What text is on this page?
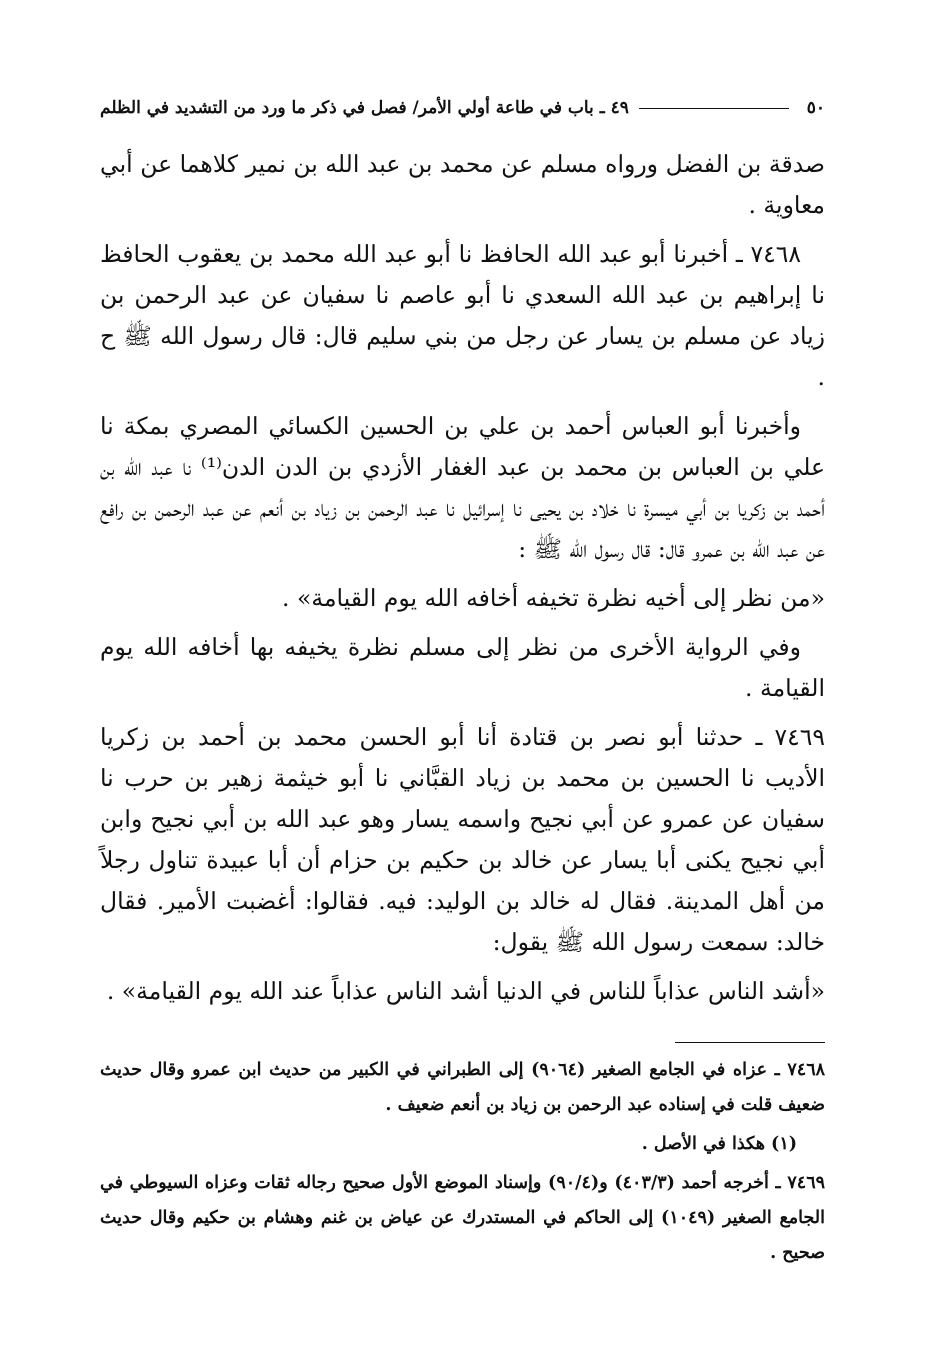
٥٠
٤٩ ـ باب في طاعة أولي الأمر/ فصل في ذكر ما ورد من التشديد في الظلم

صدقة بن الفضل ورواه مسلم عن محمد بن عبد الله بن نمير كلاهما عن أبي معاوية .

٧٤٦٨ ـ أخبرنا أبو عبد الله الحافظ نا أبو عبد الله محمد بن يعقوب الحافظ نا إبراهيم بن عبد الله السعدي نا أبو عاصم نا سفيان عن عبد الرحمن بن زياد عن مسلم بن يسار عن رجل من بني سليم قال: قال رسول الله ﷺ ح .

وأخبرنا أبو العباس أحمد بن علي بن الحسين الكسائي المصري بمكة نا علي بن العباس بن محمد بن عبد الغفار الأزدي بن الدن الدن⁽¹⁾ نا عبد الله بن أحمد بن زكريا بن أبي ميسرة نا خلاد بن يحيى نا إسرائيل نا عبد الرحمن بن زياد بن أنعم عن عبد الرحمن بن رافع عن عبد الله بن عمرو قال: قال رسول الله ﷺ :

«من نظر إلى أخيه نظرة تخيفه أخافه الله يوم القيامة» .

وفي الرواية الأخرى من نظر إلى مسلم نظرة يخيفه بها أخافه الله يوم القيامة .

٧٤٦٩ ـ حدثنا أبو نصر بن قتادة أنا أبو الحسن محمد بن أحمد بن زكريا الأديب نا الحسين بن محمد بن زياد القبَّاني نا أبو خيثمة زهير بن حرب نا سفيان عن عمرو عن أبي نجيح واسمه يسار وهو عبد الله بن أبي نجيح وابن أبي نجيح يكنى أبا يسار عن خالد بن حكيم بن حزام أن أبا عبيدة تناول رجلاً من أهل المدينة. فقال له خالد بن الوليد: فيه. فقالوا: أغضبت الأمير. فقال خالد: سمعت رسول الله ﷺ يقول:

«أشد الناس عذاباً للناس في الدنيا أشد الناس عذاباً عند الله يوم القيامة» .

٧٤٦٨ ـ عزاه في الجامع الصغير (٩٠٦٤) إلى الطبراني في الكبير من حديث ابن عمرو وقال حديث ضعيف قلت في إسناده عبد الرحمن بن زياد بن أنعم ضعيف .

(١) هكذا في الأصل .

٧٤٦٩ ـ أخرجه أحمد (٤٠٣/٣) و(٩٠/٤) وإسناد الموضع الأول صحيح رجاله ثقات وعزاه السيوطي في الجامع الصغير (١٠٤٩) إلى الحاكم في المستدرك عن عياض بن غنم وهشام بن حكيم وقال حديث صحيح .
